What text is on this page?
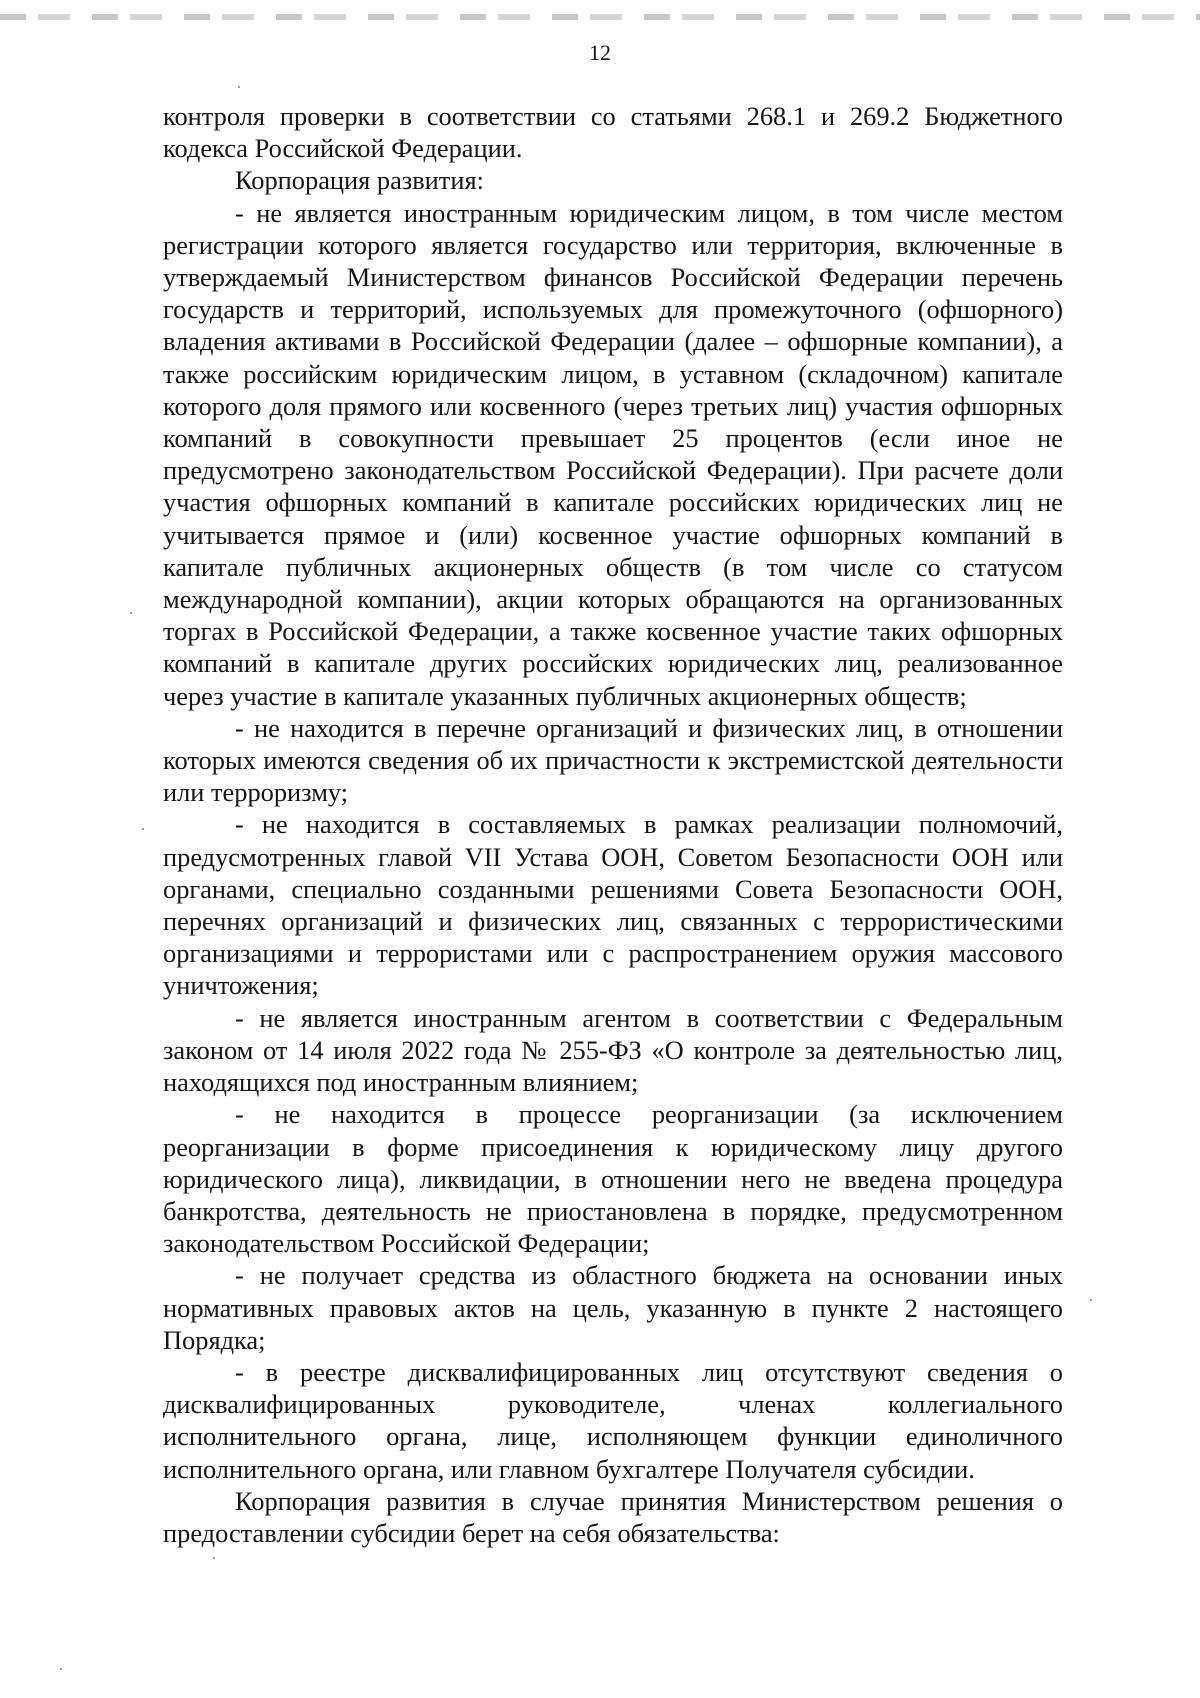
12

контроля проверки в соответствии со статьями 268.1 и 269.2 Бюджетного кодекса Российской Федерации.

Корпорация развития:

- не является иностранным юридическим лицом, в том числе местом регистрации которого является государство или территория, включенные в утверждаемый Министерством финансов Российской Федерации перечень государств и территорий, используемых для промежуточного (офшорного) владения активами в Российской Федерации (далее – офшорные компании), а также российским юридическим лицом, в уставном (складочном) капитале которого доля прямого или косвенного (через третьих лиц) участия офшорных компаний в совокупности превышает 25 процентов (если иное не предусмотрено законодательством Российской Федерации). При расчете доли участия офшорных компаний в капитале российских юридических лиц не учитывается прямое и (или) косвенное участие офшорных компаний в капитале публичных акционерных обществ (в том числе со статусом международной компании), акции которых обращаются на организованных торгах в Российской Федерации, а также косвенное участие таких офшорных компаний в капитале других российских юридических лиц, реализованное через участие в капитале указанных публичных акционерных обществ;

- не находится в перечне организаций и физических лиц, в отношении которых имеются сведения об их причастности к экстремистской деятельности или терроризму;

- не находится в составляемых в рамках реализации полномочий, предусмотренных главой VII Устава ООН, Советом Безопасности ООН или органами, специально созданными решениями Совета Безопасности ООН, перечнях организаций и физических лиц, связанных с террористическими организациями и террористами или с распространением оружия массового уничтожения;

- не является иностранным агентом в соответствии с Федеральным законом от 14 июля 2022 года № 255-ФЗ «О контроле за деятельностью лиц, находящихся под иностранным влиянием;

- не находится в процессе реорганизации (за исключением реорганизации в форме присоединения к юридическому лицу другого юридического лица), ликвидации, в отношении него не введена процедура банкротства, деятельность не приостановлена в порядке, предусмотренном законодательством Российской Федерации;

- не получает средства из областного бюджета на основании иных нормативных правовых актов на цель, указанную в пункте 2 настоящего Порядка;

- в реестре дисквалифицированных лиц отсутствуют сведения о дисквалифицированных руководителе, членах коллегиального исполнительного органа, лице, исполняющем функции единоличного исполнительного органа, или главном бухгалтере Получателя субсидии.

Корпорация развития в случае принятия Министерством решения о предоставлении субсидии берет на себя обязательства:
